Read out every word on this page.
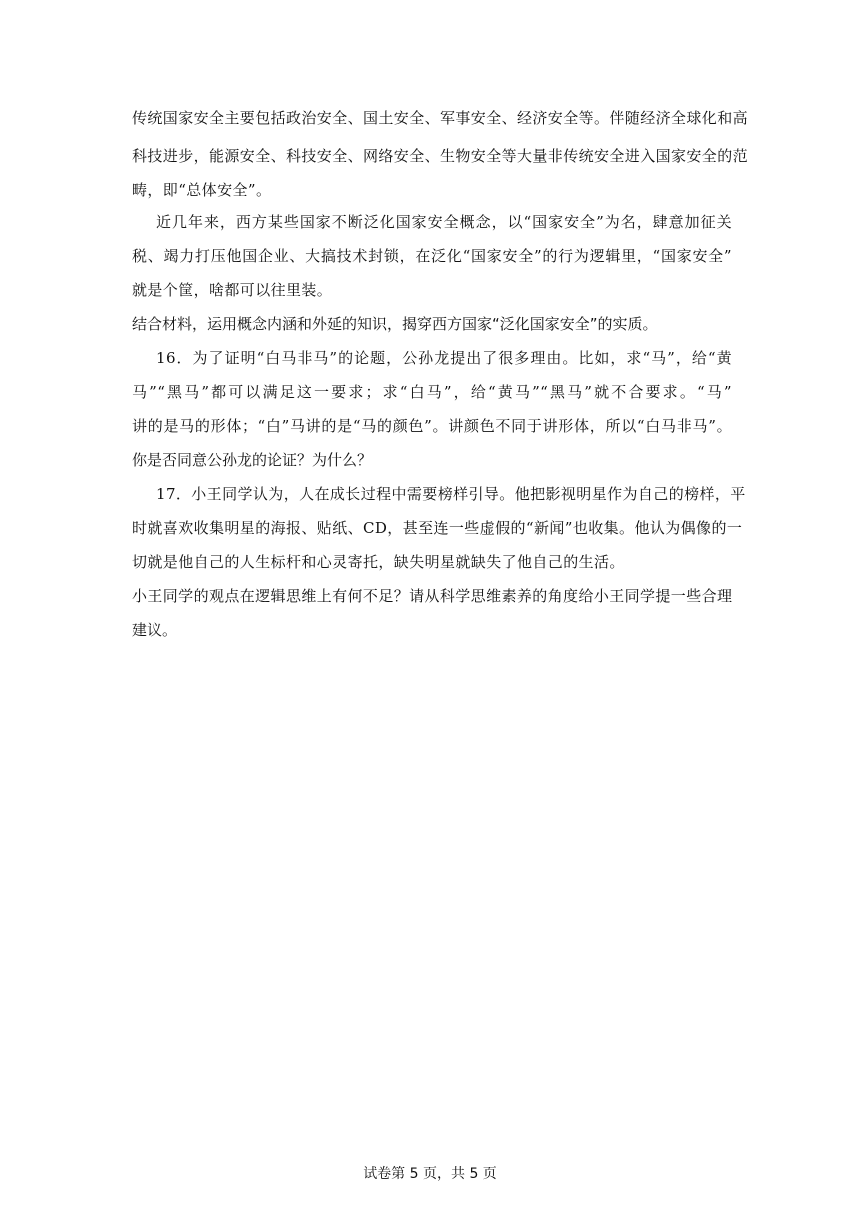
传统国家安全主要包括政治安全、国土安全、军事安全、经济安全等。伴随经济全球化和高
科技进步，能源安全、科技安全、网络安全、生物安全等大量非传统安全进入国家安全的范
畴，即“总体安全”。
近几年来，西方某些国家不断泛化国家安全概念，以“国家安全”为名，肆意加征关
税、竭力打压他国企业、大搞技术封锁，在泛化“国家安全”的行为逻辑里，“国家安全”
就是个筐，啥都可以往里装。
结合材料，运用概念内涵和外延的知识，揭穿西方国家“泛化国家安全”的实质。
16．为了证明“白马非马”的论题，公孙龙提出了很多理由。比如，求“马”，给“黄
马”“黑马”都可以满足这一要求；求“白马”，给“黄马”“黑马”就不合要求。“马”
讲的是马的形体；“白”马讲的是“马的颜色”。讲颜色不同于讲形体，所以“白马非马”。
你是否同意公孙龙的论证？为什么？
17．小王同学认为，人在成长过程中需要榜样引导。他把影视明星作为自己的榜样，平
时就喜欢收集明星的海报、贴纸、CD，甚至连一些虚假的“新闻”也收集。他认为偶像的一
切就是他自己的人生标杆和心灵寄托，缺失明星就缺失了他自己的生活。
小王同学的观点在逻辑思维上有何不足？请从科学思维素养的角度给小王同学提一些合理
建议。
试卷第 5 页，共 5 页
